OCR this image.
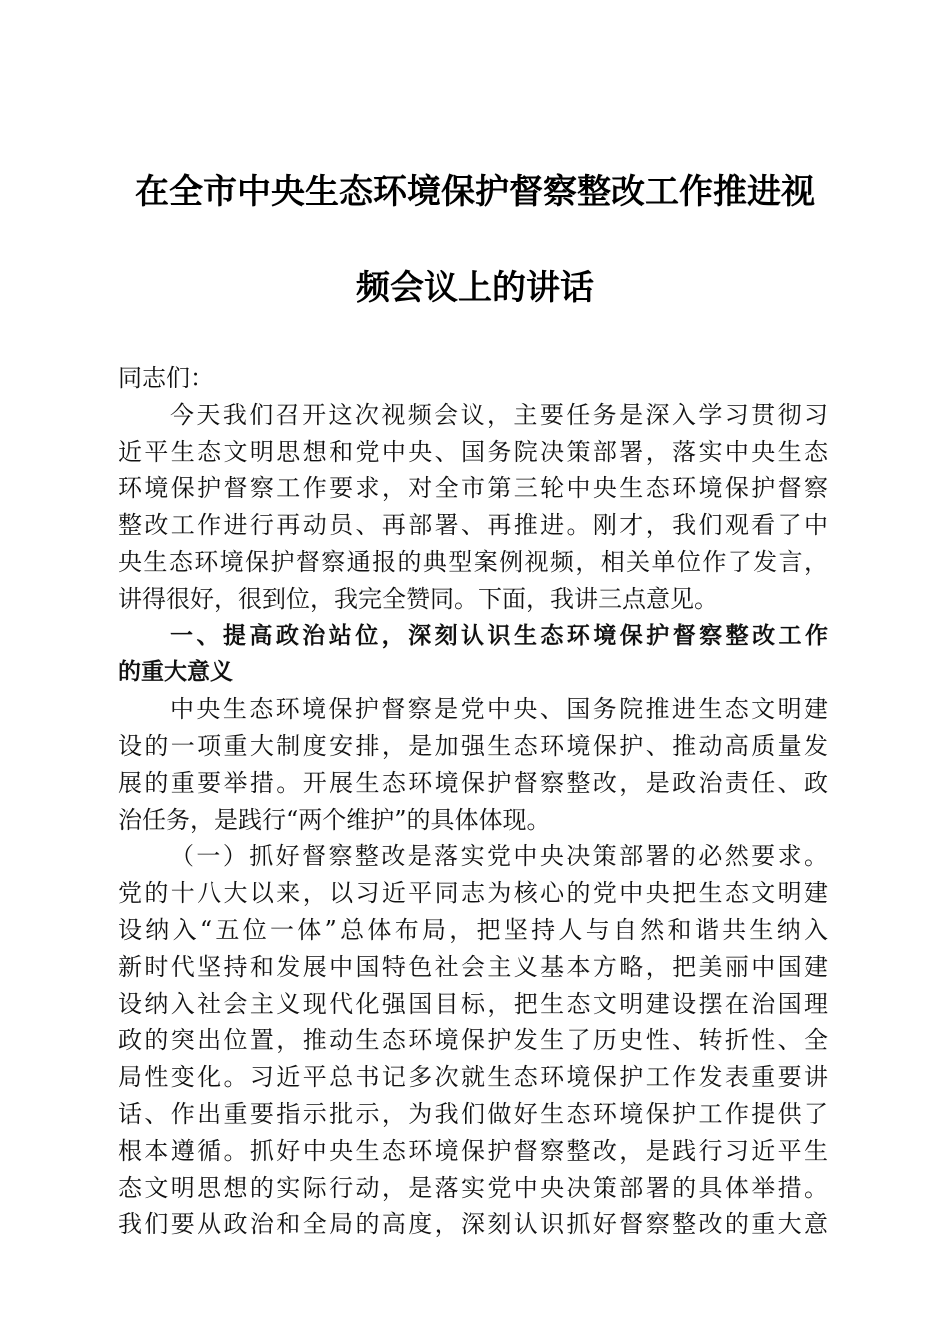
在全市中央生态环境保护督察整改工作推进视
频会议上的讲话
同志们：
今天我们召开这次视频会议，主要任务是深入学习贯彻习
近平生态文明思想和党中央、国务院决策部署，落实中央生态
环境保护督察工作要求，对全市第三轮中央生态环境保护督察
整改工作进行再动员、再部署、再推进。刚才，我们观看了中
央生态环境保护督察通报的典型案例视频，相关单位作了发言，
讲得很好，很到位，我完全赞同。下面，我讲三点意见。
一、提高政治站位，深刻认识生态环境保护督察整改工作
的重大意义
中央生态环境保护督察是党中央、国务院推进生态文明建
设的一项重大制度安排，是加强生态环境保护、推动高质量发
展的重要举措。开展生态环境保护督察整改，是政治责任、政
治任务，是践行“两个维护”的具体体现。
（一）抓好督察整改是落实党中央决策部署的必然要求。
党的十八大以来，以习近平同志为核心的党中央把生态文明建
设纳入“五位一体”总体布局，把坚持人与自然和谐共生纳入
新时代坚持和发展中国特色社会主义基本方略，把美丽中国建
设纳入社会主义现代化强国目标，把生态文明建设摆在治国理
政的突出位置，推动生态环境保护发生了历史性、转折性、全
局性变化。习近平总书记多次就生态环境保护工作发表重要讲
话、作出重要指示批示，为我们做好生态环境保护工作提供了
根本遵循。抓好中央生态环境保护督察整改，是践行习近平生
态文明思想的实际行动，是落实党中央决策部署的具体举措。
我们要从政治和全局的高度，深刻认识抓好督察整改的重大意
